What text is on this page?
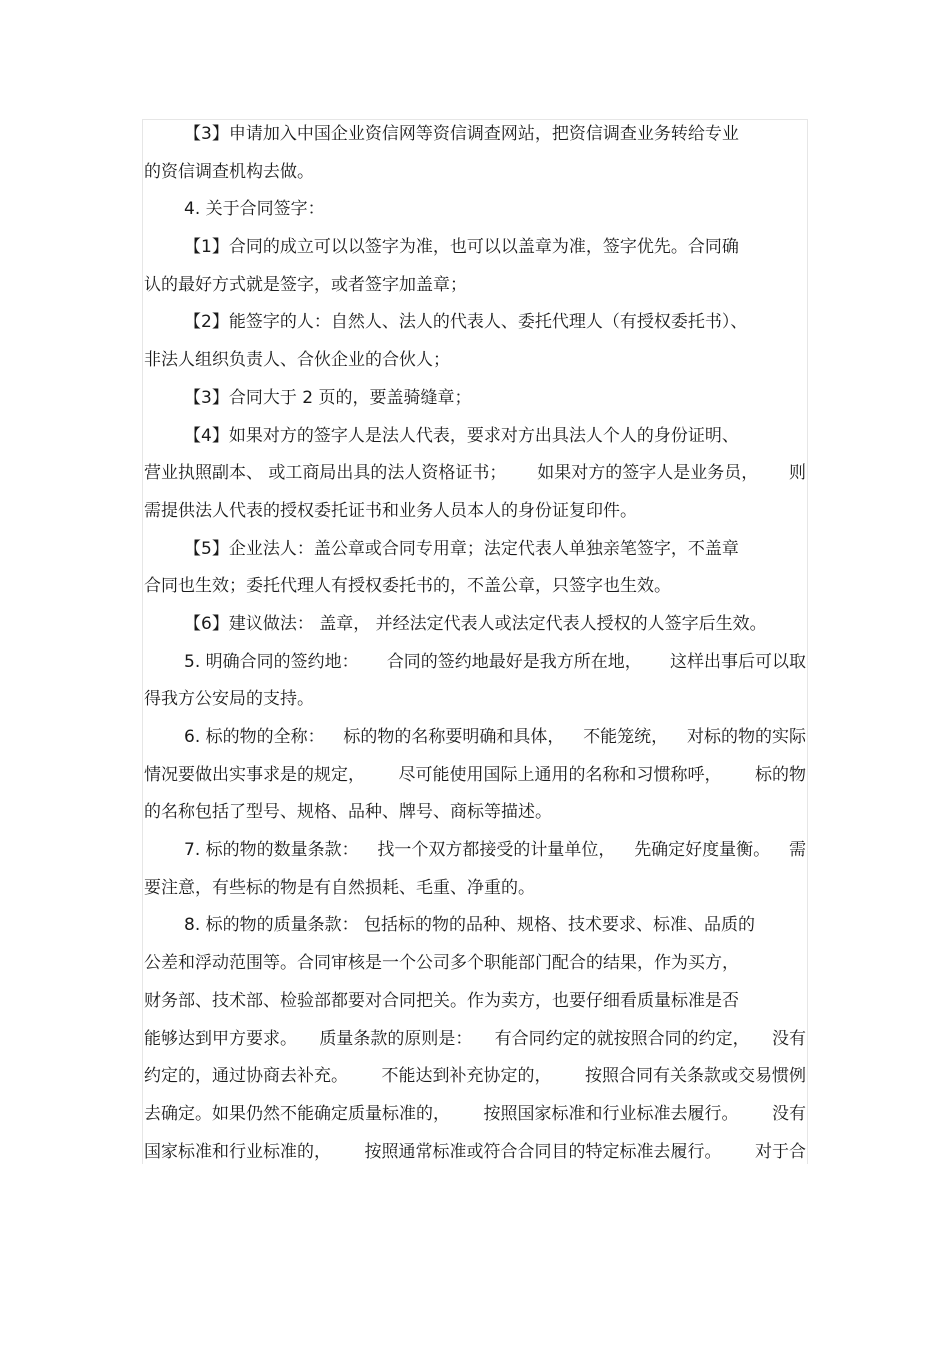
【3】申请加入中国企业资信网等资信调查网站，把资信调查业务转给专业
的资信调查机构去做。
4. 关于合同签字：
【1】合同的成立可以以签字为准，也可以以盖章为准，签字优先。合同确
认的最好方式就是签字，或者签字加盖章；
【2】能签字的人：自然人、法人的代表人、委托代理人（有授权委托书）、
非法人组织负责人、合伙企业的合伙人；
【3】合同大于 2 页的，要盖骑缝章；
【4】如果对方的签字人是法人代表，要求对方出具法人个人的身份证明、
营业执照副本、 或工商局出具的法人资格证书； 如果对方的签字人是业务员， 则
需提供法人代表的授权委托证书和业务人员本人的身份证复印件。
【5】企业法人：盖公章或合同专用章；法定代表人单独亲笔签字，不盖章
合同也生效；委托代理人有授权委托书的，不盖公章，只签字也生效。
【6】建议做法： 盖章， 并经法定代表人或法定代表人授权的人签字后生效。
5. 明确合同的签约地： 合同的签约地最好是我方所在地， 这样出事后可以取
得我方公安局的支持。
6. 标的物的全称： 标的物的名称要明确和具体， 不能笼统， 对标的物的实际
情况要做出实事求是的规定， 尽可能使用国际上通用的名称和习惯称呼， 标的物
的名称包括了型号、规格、品种、牌号、商标等描述。
7. 标的物的数量条款： 找一个双方都接受的计量单位， 先确定好度量衡。 需
要注意，有些标的物是有自然损耗、毛重、净重的。
8. 标的物的质量条款： 包括标的物的品种、规格、技术要求、标准、品质的
公差和浮动范围等。合同审核是一个公司多个职能部门配合的结果，作为买方，
财务部、技术部、检验部都要对合同把关。作为卖方，也要仔细看质量标准是否
能够达到甲方要求。 质量条款的原则是： 有合同约定的就按照合同的约定， 没有
约定的，通过协商去补充。 不能达到补充协定的， 按照合同有关条款或交易惯例
去确定。如果仍然不能确定质量标准的， 按照国家标准和行业标准去履行。 没有
国家标准和行业标准的， 按照通常标准或符合合同目的特定标准去履行。 对于合
